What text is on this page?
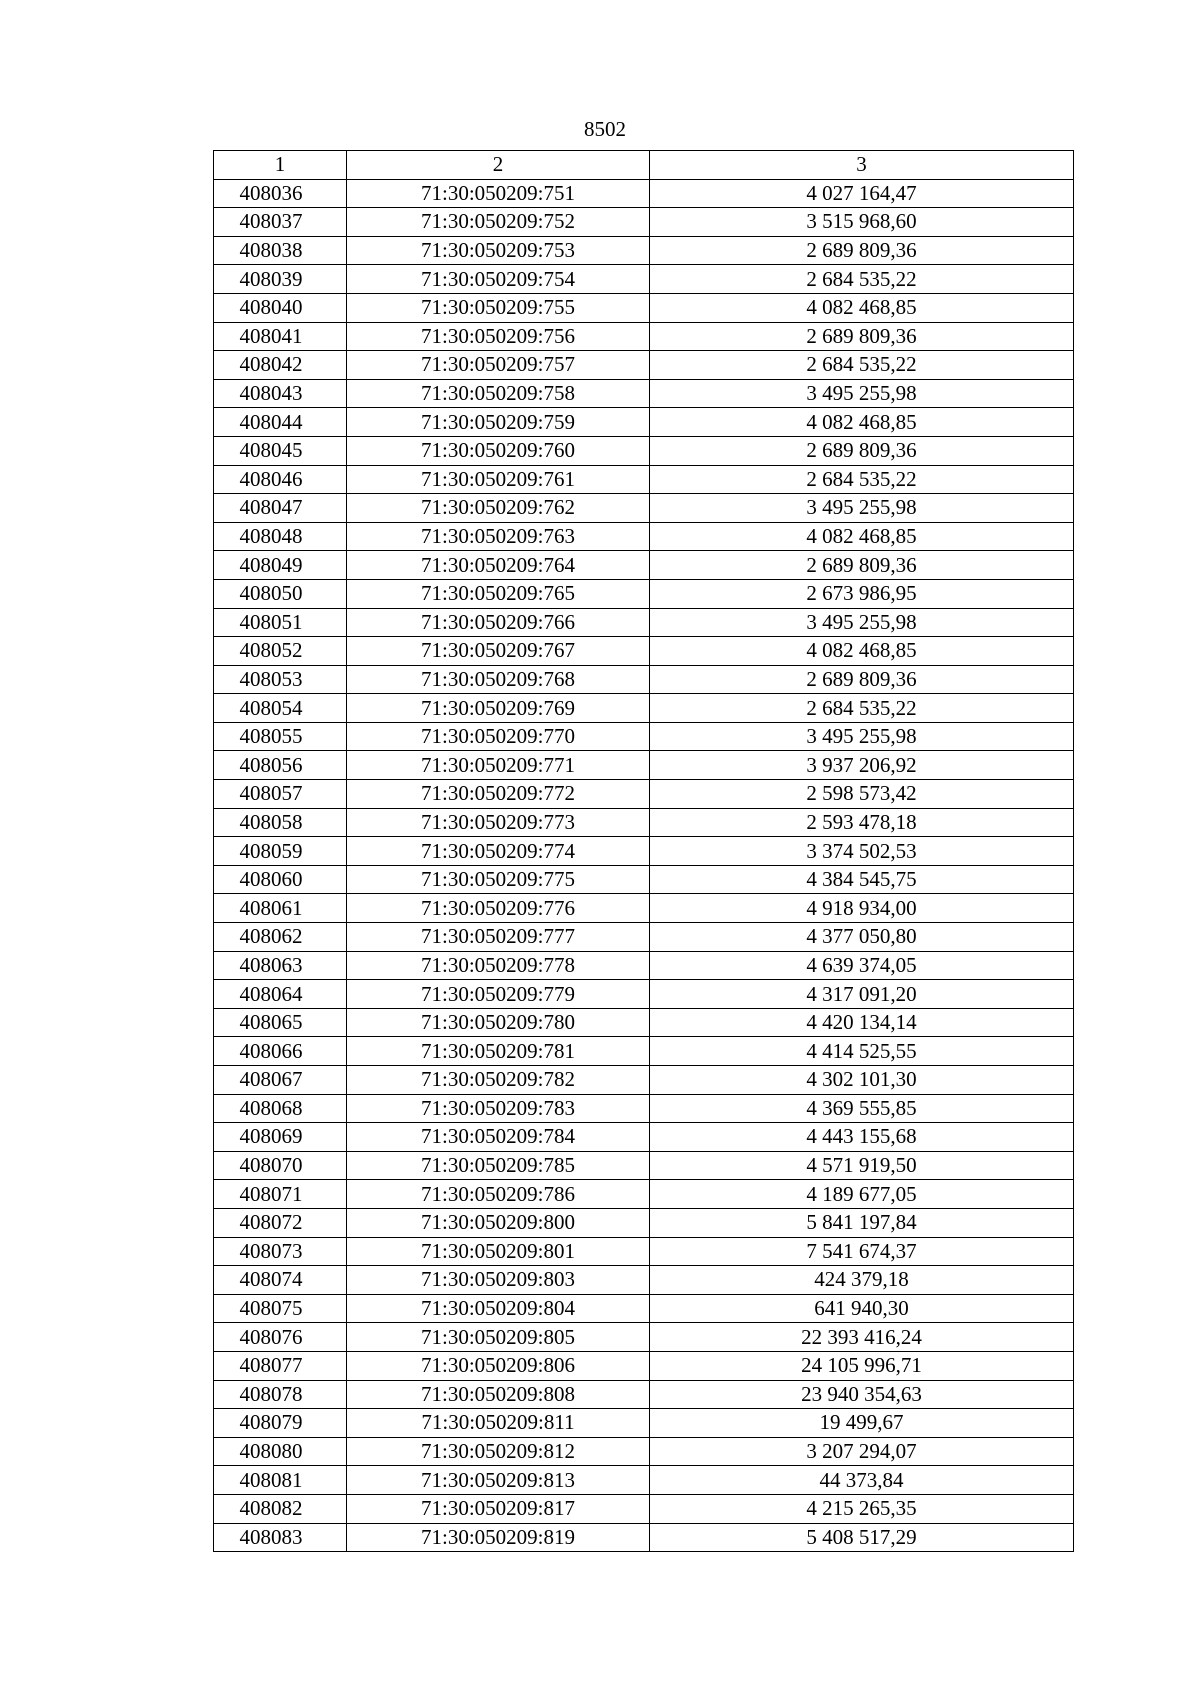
8502
1	2	3
408036	71:30:050209:751	4 027 164,47
408037	71:30:050209:752	3 515 968,60
408038	71:30:050209:753	2 689 809,36
408039	71:30:050209:754	2 684 535,22
408040	71:30:050209:755	4 082 468,85
408041	71:30:050209:756	2 689 809,36
408042	71:30:050209:757	2 684 535,22
408043	71:30:050209:758	3 495 255,98
408044	71:30:050209:759	4 082 468,85
408045	71:30:050209:760	2 689 809,36
408046	71:30:050209:761	2 684 535,22
408047	71:30:050209:762	3 495 255,98
408048	71:30:050209:763	4 082 468,85
408049	71:30:050209:764	2 689 809,36
408050	71:30:050209:765	2 673 986,95
408051	71:30:050209:766	3 495 255,98
408052	71:30:050209:767	4 082 468,85
408053	71:30:050209:768	2 689 809,36
408054	71:30:050209:769	2 684 535,22
408055	71:30:050209:770	3 495 255,98
408056	71:30:050209:771	3 937 206,92
408057	71:30:050209:772	2 598 573,42
408058	71:30:050209:773	2 593 478,18
408059	71:30:050209:774	3 374 502,53
408060	71:30:050209:775	4 384 545,75
408061	71:30:050209:776	4 918 934,00
408062	71:30:050209:777	4 377 050,80
408063	71:30:050209:778	4 639 374,05
408064	71:30:050209:779	4 317 091,20
408065	71:30:050209:780	4 420 134,14
408066	71:30:050209:781	4 414 525,55
408067	71:30:050209:782	4 302 101,30
408068	71:30:050209:783	4 369 555,85
408069	71:30:050209:784	4 443 155,68
408070	71:30:050209:785	4 571 919,50
408071	71:30:050209:786	4 189 677,05
408072	71:30:050209:800	5 841 197,84
408073	71:30:050209:801	7 541 674,37
408074	71:30:050209:803	424 379,18
408075	71:30:050209:804	641 940,30
408076	71:30:050209:805	22 393 416,24
408077	71:30:050209:806	24 105 996,71
408078	71:30:050209:808	23 940 354,63
408079	71:30:050209:811	19 499,67
408080	71:30:050209:812	3 207 294,07
408081	71:30:050209:813	44 373,84
408082	71:30:050209:817	4 215 265,35
408083	71:30:050209:819	5 408 517,29
